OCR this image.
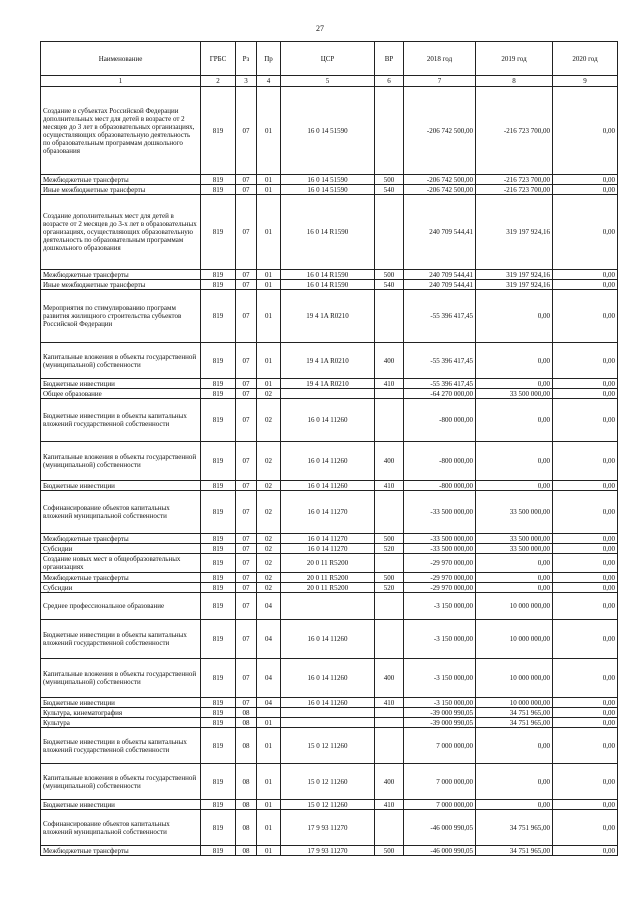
27
Наименование	ГРБС	Рз	Пр	ЦСР	ВР	2018 год	2019 год	2020 год
1	2	3	4	5	6	7	8	9
Создание в субъектах Российской Федерации дополнительных мест для детей в возрасте от 2 месяцев до 3 лет в образовательных организациях, осуществляющих образовательную деятельность по образовательным программам дошкольного образования	819	07	01	16 0 14 51590		-206 742 500,00	-216 723 700,00	0,00
Межбюджетные трансферты	819	07	01	16 0 14 51590	500	-206 742 500,00	-216 723 700,00	0,00
Иные межбюджетные трансферты	819	07	01	16 0 14 51590	540	-206 742 500,00	-216 723 700,00	0,00
Создание дополнительных мест для детей в возрасте от 2 месяцев до 3-х лет в образовательных организациях, осуществляющих образовательную деятельность по образовательным программам дошкольного образования	819	07	01	16 0 14 R1590		240 709 544,41	319 197 924,16	0,00
Межбюджетные трансферты	819	07	01	16 0 14 R1590	500	240 709 544,41	319 197 924,16	0,00
Иные межбюджетные трансферты	819	07	01	16 0 14 R1590	540	240 709 544,41	319 197 924,16	0,00
Мероприятия по стимулированию программ развития жилищного строительства субъектов Российской Федерации	819	07	01	19 4 1A R0210		-55 396 417,45	0,00	0,00
Капитальные вложения в объекты государственной (муниципальной) собственности	819	07	01	19 4 1A R0210	400	-55 396 417,45	0,00	0,00
Бюджетные инвестиции	819	07	01	19 4 1A R0210	410	-55 396 417,45	0,00	0,00
Общее образование	819	07	02			-64 270 000,00	33 500 000,00	0,00
Бюджетные инвестиции в объекты капитальных вложений государственной собственности	819	07	02	16 0 14 11260		-800 000,00	0,00	0,00
Капитальные вложения в объекты государственной (муниципальной) собственности	819	07	02	16 0 14 11260	400	-800 000,00	0,00	0,00
Бюджетные инвестиции	819	07	02	16 0 14 11260	410	-800 000,00	0,00	0,00
Софинансирование объектов капитальных вложений муниципальной собственности	819	07	02	16 0 14 11270		-33 500 000,00	33 500 000,00	0,00
Межбюджетные трансферты	819	07	02	16 0 14 11270	500	-33 500 000,00	33 500 000,00	0,00
Субсидии	819	07	02	16 0 14 11270	520	-33 500 000,00	33 500 000,00	0,00
Создание новых мест в общеобразовательных организациях	819	07	02	20 0 11 R5200		-29 970 000,00	0,00	0,00
Межбюджетные трансферты	819	07	02	20 0 11 R5200	500	-29 970 000,00	0,00	0,00
Субсидии	819	07	02	20 0 11 R5200	520	-29 970 000,00	0,00	0,00
Среднее профессиональное образование	819	07	04			-3 150 000,00	10 000 000,00	0,00
Бюджетные инвестиции в объекты капитальных вложений государственной собственности	819	07	04	16 0 14 11260		-3 150 000,00	10 000 000,00	0,00
Капитальные вложения в объекты государственной (муниципальной) собственности	819	07	04	16 0 14 11260	400	-3 150 000,00	10 000 000,00	0,00
Бюджетные инвестиции	819	07	04	16 0 14 11260	410	-3 150 000,00	10 000 000,00	0,00
Культура, кинематография	819	08				-39 000 990,05	34 751 965,00	0,00
Культура	819	08	01			-39 000 990,05	34 751 965,00	0,00
Бюджетные инвестиции в объекты капитальных вложений государственной собственности	819	08	01	15 0 12 11260		7 000 000,00	0,00	0,00
Капитальные вложения в объекты государственной (муниципальной) собственности	819	08	01	15 0 12 11260	400	7 000 000,00	0,00	0,00
Бюджетные инвестиции	819	08	01	15 0 12 11260	410	7 000 000,00	0,00	0,00
Софинансирование объектов капитальных вложений муниципальной собственности	819	08	01	17 9 93 11270		-46 000 990,05	34 751 965,00	0,00
Межбюджетные трансферты	819	08	01	17 9 93 11270	500	-46 000 990,05	34 751 965,00	0,00
